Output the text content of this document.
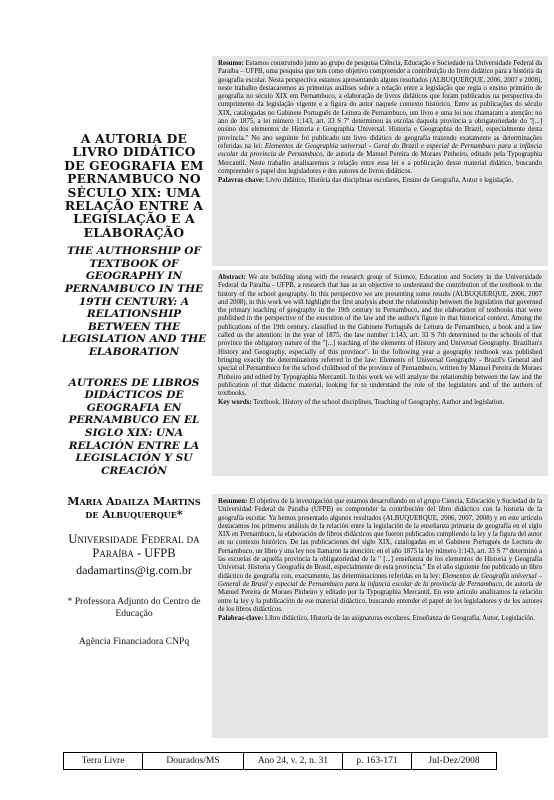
A AUTORIA DE LIVRO DIDÁTICO DE GEOGRAFIA EM PERNAMBUCO NO SÉCULO XIX: UMA RELAÇÃO ENTRE A LEGISLAÇÃO E A ELABORAÇÃO
THE AUTHORSHIP OF TEXTBOOK OF GEOGRAPHY IN PERNAMBUCO IN THE 19TH CENTURY: A RELATIONSHIP BETWEEN THE LEGISLATION AND THE ELABORATION
AUTORES DE LIBROS DIDÁCTICOS DE GEOGRAFIA EN PERNAMBUCO EN EL SIGLO XIX: UNA RELACIÓN ENTRE LA LEGISLACIÓN Y SU CREACIÓN
Maria Adailza Martins de Albuquerque*
Universidade Federal da Paraíba - UFPB
dadamartins@ig.com.br
* Professora Adjunto do Centro de Educação
Agência Financiadora CNPq

Resumo: Estamos construindo junto ao grupo de pesquisa Ciência, Educação e Sociedade na Universidade Federal da Paraíba – UFPB, uma pesquisa que tem como objetivo compreender a contribuição do livro didático para a história da geografia escolar. Nesta perspectiva estamos apresentando alguns resultados (ALBUQUERQUE, 2006, 2007 e 2008), neste trabalho destacaremos as primeiras análises sobre a relação entre a legislação que regia o ensino primário de geografia no século XIX em Pernambuco, a elaboração de livros didáticos que foram publicados na perspectiva do cumprimento da legislação vigente e a figura do autor naquele contexto histórico. Entre as publicações do século XIX, catalogadas no Gabinete Português de Leitura de Pernambuco, um livro e uma lei nos chamaram a atenção: no ano de 1875, a lei número 1:143, art. 33 S 7º determinou às escolas daquela província a obrigatoriedade do "[...] ensino dos elementos de Historia e Geographia Universal. Historia e Geographia do Brazil, especialmente desta província." No ano seguinte foi publicado um livro didático de geografia trazendo exatamente as determinações referidas na lei: Elementos de Geographia universal - Geral do Brazil e especial de Pernambuco para a infância escolar da provincia de Pernambuco, de autoria de Manuel Pereira de Moraes Pinheiro, editado pela Typographia Mercantil. Neste trabalho analisaremos a relação entre essa lei e a publicação desse material didático, buscando compreender o papel dos legisladores e dos autores de livros didáticos.

Palavras chave: Livro didático, História das disciplinas escolares, Ensino de Geografia, Autor e legislação.

Abstract: We are building along with the research group of Science, Education and Society in the Universidade Federal da Paraíba - UFPB, a research that has as an objective to understand the contribution of the textbook to the history of the school geography. In this perspective we are presenting some results (ALBUQUERQUE, 2006, 2007 and 2008), in this work we will highlight the first analysis about the relationship between the legislation that governed the primary teaching of geography in the 19th century in Pernambuco, and the elaboration of textbooks that were published in the perspective of the execution of the law and the author's figure in that historical context. Among the publications of the 19th century, classified in the Gabinete Português de Leitura de Pernambuco, a book and a law called us the attention: in the year of 1875, the law number 1:143, art. 33 S 7th determined to the schools of that province the obligatory nature of the "[...] teaching of the elements of History and Universal Geography. Brazilian's History and Geography, especially of this province". In the following year a geography textbook was published bringing exactly the determinations referred in the law: Elements of Universal Geography - Brazil's General and special of Pernambuco for the school childhood of the province of Pernambuco, written by Manuel Pereira de Moraes Pinheiro and edited by Typographia Mercantil. In this work we will analyze the relationship between the law and the publication of that didactic material, looking for to understand the role of the legislators and of the authors of textbooks.

Key words: Textbook, History of the school disciplines, Teaching of Geography, Author and legislation.

Resumen: El objetivo de la investigación que estamos desarrollando en el grupo Ciencia, Educación y Sociedad de la Universidad Federal de Paraíba (UFPB) es comprender la contribución del libro didáctico con la historia de la geografía escolar. Ya hemos presentado algunos resultados (ALBUQUERQUE, 2006, 2007, 2008) y en este artículo destacamos los primeros análisis de la relación entre la legislación de la enseñanza primaria de geografía en el siglo XIX en Pernambuco, la elaboración de libros didácticos que fueron publicados cumpliendo la ley y la figura del autor en su contexto histórico. De las publicaciones del siglo XIX, catalogadas en el Gabinete Portugués de Lectura de Pernambuco, un libro y una ley nos llamaron la atención: en el año 1875 la ley número 1:143, art. 33 S 7º determinó a las escuelas de aquella provincia la obligatoriedad de la " [...] enseñanza de los elementos de Historia y Geografía Universal. Historia y Geografía de Brasil, especialmente de esta provincia." En el año siguiente fue publicado un libro didáctico de geografía con, exactamente, las determinaciones referidas en la ley: Elementos de Geografía universal – General de Brasil y especial de Pernambuco para la infancia escolar de la provincia de Pernambuco, de autoría de Manuel Pereira de Moraes Pinheiro y editado por la Typographia Mercantil. En este artículo analizamos la relación entre la ley y la publicación de ese material didáctico, buscando entender el papel de los legisladores y de los autores de los libros didácticos.

Palabras-clave: Libro didáctico, Historia de las asignaturas escolares, Enseñanza de Geografía, Autor, Legislación.

Terra Livre	Dourados/MS	Ano 24, v. 2, n. 31	p. 163-171	Jul-Dez/2008
